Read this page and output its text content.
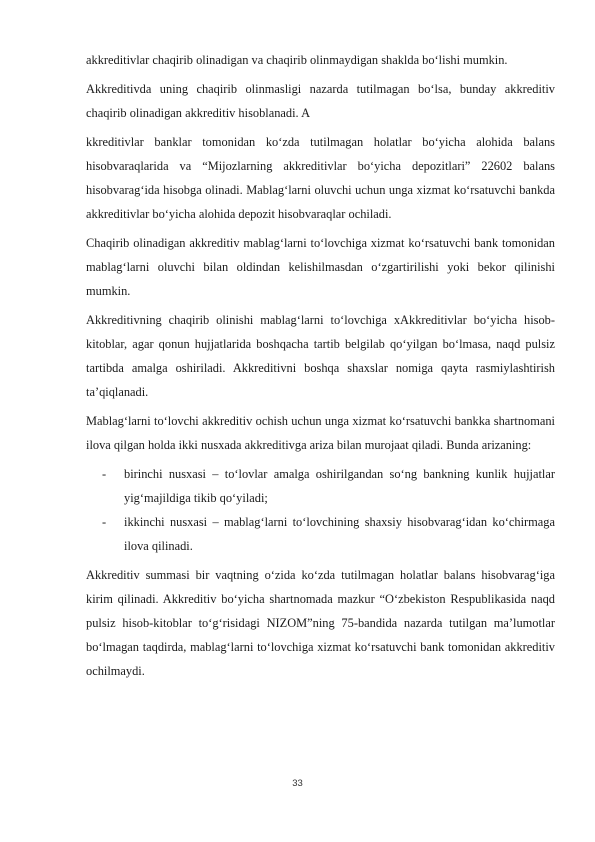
akkreditivlar chaqirib olinadigan va chaqirib olinmaydigan shaklda bo‘lishi mumkin.

Akkreditivda uning chaqirib olinmasligi nazarda tutilmagan bo‘lsa, bunday akkreditiv chaqirib olinadigan akkreditiv hisoblanadi. A

kkreditivlar banklar tomonidan ko‘zda tutilmagan holatlar bo‘yicha alohida balans hisobvaraqlarida va “Mijozlarning akkreditivlar bo‘yicha depozitlari” 22602 balans hisobvarag‘ida hisobga olinadi. Mablag‘larni oluvchi uchun unga xizmat ko‘rsatuvchi bankda akkreditivlar bo‘yicha alohida depozit hisobvaraqlar ochiladi.

Chaqirib olinadigan akkreditiv mablag‘larni to‘lovchiga xizmat ko‘rsatuvchi bank tomonidan mablag‘larni oluvchi bilan oldindan kelishilmasdan o‘zgartirilishi yoki bekor qilinishi mumkin.

Akkreditivning chaqirib olinishi mablag‘larni to‘lovchiga xAkkreditivlar bo‘yicha hisob-kitoblar, agar qonun hujjatlarida boshqacha tartib belgilab qo‘yilgan bo‘lmasa, naqd pulsiz tartibda amalga oshiriladi. Akkreditivni boshqa shaxslar nomiga qayta rasmiylashtirish ta’qiqlanadi.

Mablag‘larni to‘lovchi akkreditiv ochish uchun unga xizmat ko‘rsatuvchi bankka shartnomani ilova qilgan holda ikki nusxada akkreditivga ariza bilan murojaat qiladi. Bunda arizaning:

- birinchi nusxasi – to‘lovlar amalga oshirilgandan so‘ng bankning kunlik hujjatlar yig‘majildiga tikib qo‘yiladi;
- ikkinchi nusxasi – mablag‘larni to‘lovchining shaxsiy hisobvarag‘idan ko‘chirmaga ilova qilinadi.

Akkreditiv summasi bir vaqtning o‘zida ko‘zda tutilmagan holatlar balans hisobvarag‘iga kirim qilinadi. Akkreditiv bo‘yicha shartnomada mazkur “O‘zbekiston Respublikasida naqd pulsiz hisob-kitoblar to‘g‘risidagi NIZOM”ning 75-bandida nazarda tutilgan ma’lumotlar bo‘lmagan taqdirda, mablag‘larni to‘lovchiga xizmat ko‘rsatuvchi bank tomonidan akkreditiv ochilmaydi.

33
